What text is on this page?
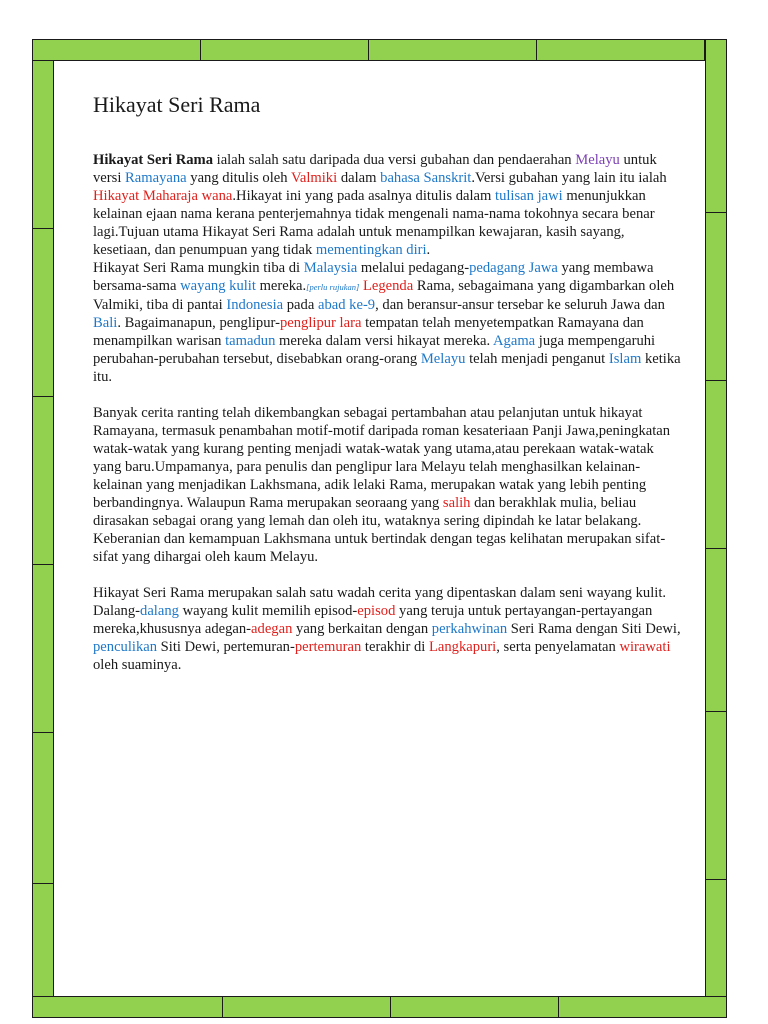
Hikayat Seri Rama
Hikayat Seri Rama ialah salah satu daripada dua versi gubahan dan pendaerahan Melayu untuk versi Ramayana yang ditulis oleh Valmiki dalam bahasa Sanskrit.Versi gubahan yang lain itu ialah Hikayat Maharaja wana.Hikayat ini yang pada asalnya ditulis dalam tulisan jawi menunjukkan kelainan ejaan nama kerana penterjemahnya tidak mengenali nama-nama tokohnya secara benar lagi.Tujuan utama Hikayat Seri Rama adalah untuk menampilkan kewajaran, kasih sayang, kesetiaan, dan penumpuan yang tidak mementingkan diri.
Hikayat Seri Rama mungkin tiba di Malaysia melalui pedagang-pedagang Jawa yang membawa bersama-sama wayang kulit mereka.[perlu rujukan] Legenda Rama, sebagaimana yang digambarkan oleh Valmiki, tiba di pantai Indonesia pada abad ke-9, dan beransur-ansur tersebar ke seluruh Jawa dan Bali. Bagaimanapun, penglipur-penglipur lara tempatan telah menyetempatkan Ramayana dan menampilkan warisan tamadun mereka dalam versi hikayat mereka. Agama juga mempengaruhi perubahan-perubahan tersebut, disebabkan orang-orang Melayu telah menjadi penganut Islam ketika itu.
Banyak cerita ranting telah dikembangkan sebagai pertambahan atau pelanjutan untuk hikayat Ramayana, termasuk penambahan motif-motif daripada roman kesateriaan Panji Jawa,peningkatan watak-watak yang kurang penting menjadi watak-watak yang utama,atau perekaan watak-watak yang baru.Umpamanya, para penulis dan penglipur lara Melayu telah menghasilkan kelainan-kelainan yang menjadikan Lakhsmana, adik lelaki Rama, merupakan watak yang lebih penting berbandingnya. Walaupun Rama merupakan seoraang yang salih dan berakhlak mulia, beliau dirasakan sebagai orang yang lemah dan oleh itu, wataknya sering dipindah ke latar belakang. Keberanian dan kemampuan Lakhsmana untuk bertindak dengan tegas kelihatan merupakan sifat-sifat yang dihargai oleh kaum Melayu.
Hikayat Seri Rama merupakan salah satu wadah cerita yang dipentaskan dalam seni wayang kulit. Dalang-dalang wayang kulit memilih episod-episod yang teruja untuk pertayangan-pertayangan mereka,khususnya adegan-adegan yang berkaitan dengan perkahwinan Seri Rama dengan Siti Dewi, penculikan Siti Dewi, pertemuran-pertemuran terakhir di Langkapuri, serta penyelamatan wirawati oleh suaminya.
